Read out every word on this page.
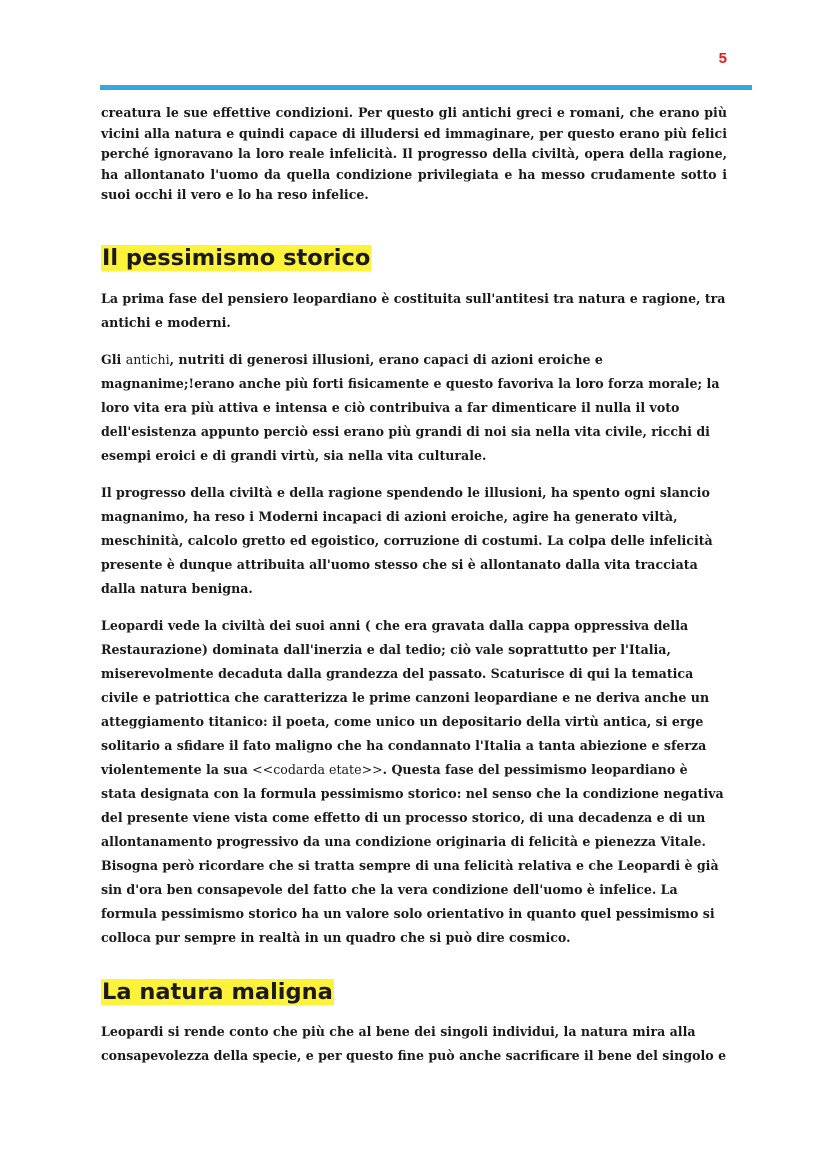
5

creatura le sue effettive condizioni. Per questo gli antichi greci e romani, che erano più vicini alla natura e quindi capace di illudersi ed immaginare, per questo erano più felici perché ignoravano la loro reale infelicità. Il progresso della civiltà, opera della ragione, ha allontanato l'uomo da quella condizione privilegiata e ha messo crudamente sotto i suoi occhi il vero e lo ha reso infelice.

Il pessimismo storico

La prima fase del pensiero leopardiano è costituita sull'antitesi tra natura e ragione, tra antichi e moderni.

Gli antichi, nutriti di generosi illusioni, erano capaci di azioni eroiche e magnanime;!erano anche più forti fisicamente e questo favoriva la loro forza morale; la loro vita era più attiva e intensa e ciò contribuiva a far dimenticare il nulla il voto dell'esistenza appunto perciò essi erano più grandi di noi sia nella vita civile, ricchi di esempi eroici e di grandi virtù, sia nella vita culturale.

Il progresso della civiltà e della ragione spendendo le illusioni, ha spento ogni slancio magnanimo, ha reso i Moderni incapaci di azioni eroiche, agire ha generato viltà, meschinità, calcolo gretto ed egoistico, corruzione di costumi. La colpa delle infelicità presente è dunque attribuita all'uomo stesso che si è allontanato dalla vita tracciata dalla natura benigna.

Leopardi vede la civiltà dei suoi anni ( che era gravata dalla cappa oppressiva della Restaurazione) dominata dall'inerzia e dal tedio; ciò vale soprattutto per l'Italia, miserevolmente decaduta dalla grandezza del passato. Scaturisce di qui la tematica civile e patriottica che caratterizza le prime canzoni leopardiane e ne deriva anche un atteggiamento titanico: il poeta, come unico un depositario della virtù antica, si erge solitario a sfidare il fato maligno che ha condannato l'Italia a tanta abiezione e sferza violentemente la sua <<codarda etate>>. Questa fase del pessimismo leopardiano è stata designata con la formula pessimismo storico: nel senso che la condizione negativa del presente viene vista come effetto di un processo storico, di una decadenza e di un allontanamento progressivo da una condizione originaria di felicità e pienezza Vitale. Bisogna però ricordare che si tratta sempre di una felicità relativa e che Leopardi è già sin d'ora ben consapevole del fatto che la vera condizione dell'uomo è infelice. La formula pessimismo storico ha un valore solo orientativo in quanto quel pessimismo si colloca pur sempre in realtà in un quadro che si può dire cosmico.

La natura maligna

Leopardi si rende conto che più che al bene dei singoli individui, la natura mira alla consapevolezza della specie, e per questo fine può anche sacrificare il bene del singolo e
